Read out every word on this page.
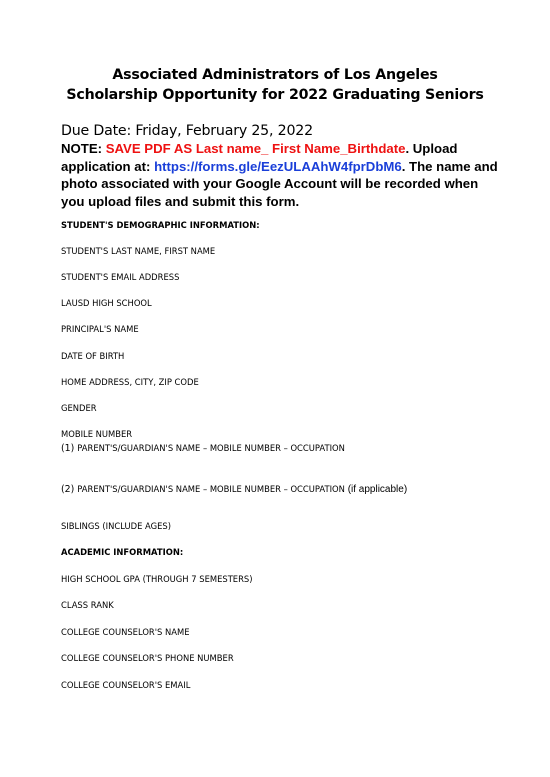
Associated Administrators of Los Angeles
Scholarship Opportunity for 2022 Graduating Seniors
Due Date: Friday, February 25, 2022
NOTE: SAVE PDF AS Last name_ First Name_Birthdate. Upload application at: https://forms.gle/EezULAAhW4fprDbM6. The name and photo associated with your Google Account will be recorded when you upload files and submit this form.
STUDENT'S DEMOGRAPHIC INFORMATION:
STUDENT'S LAST NAME, FIRST NAME
STUDENT'S EMAIL ADDRESS
LAUSD HIGH SCHOOL
PRINCIPAL'S NAME
DATE OF BIRTH
HOME ADDRESS, CITY, ZIP CODE
GENDER
MOBILE NUMBER
(1) PARENT'S/GUARDIAN'S NAME – MOBILE NUMBER – OCCUPATION
(2) PARENT'S/GUARDIAN'S NAME – MOBILE NUMBER – OCCUPATION (if applicable)
SIBLINGS (INCLUDE AGES)
ACADEMIC INFORMATION:
HIGH SCHOOL GPA (THROUGH 7 SEMESTERS)
CLASS RANK
COLLEGE COUNSELOR'S NAME
COLLEGE COUNSELOR'S PHONE NUMBER
COLLEGE COUNSELOR'S EMAIL
